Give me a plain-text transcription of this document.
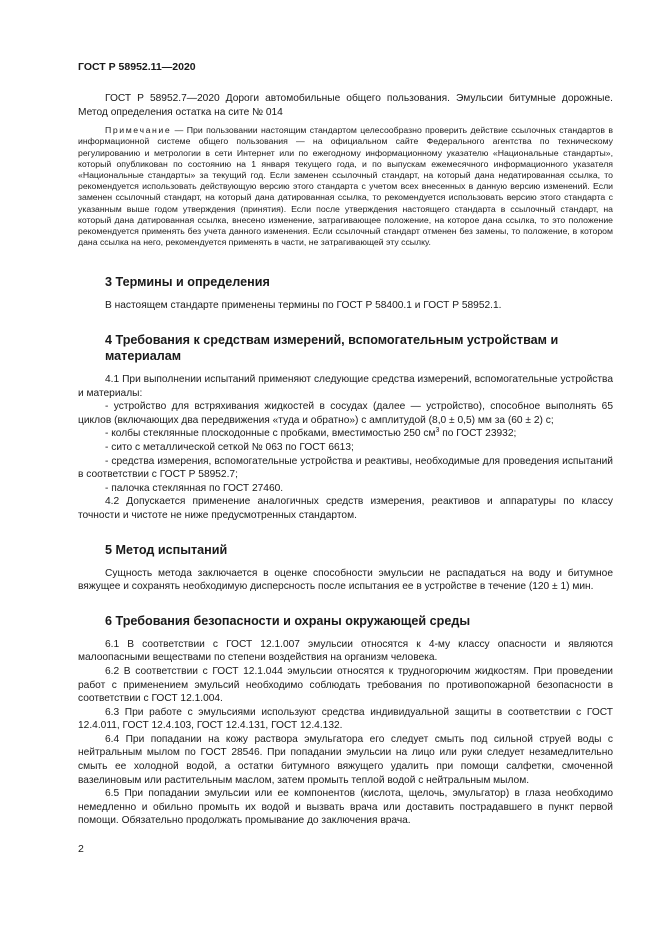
ГОСТ Р 58952.11—2020

ГОСТ Р 58952.7—2020 Дороги автомобильные общего пользования. Эмульсии битумные дорожные. Метод определения остатка на сите № 014

Примечание — При пользовании настоящим стандартом целесообразно проверить действие ссылочных стандартов в информационной системе общего пользования — на официальном сайте Федерального агентства по техническому регулированию и метрологии в сети Интернет или по ежегодному информационному указателю «Национальные стандарты», который опубликован по состоянию на 1 января текущего года, и по выпускам ежемесячного информационного указателя «Национальные стандарты» за текущий год. Если заменен ссылочный стандарт, на который дана недатированная ссылка, то рекомендуется использовать действующую версию этого стандарта с учетом всех внесенных в данную версию изменений. Если заменен ссылочный стандарт, на который дана датированная ссылка, то рекомендуется использовать версию этого стандарта с указанным выше годом утверждения (принятия). Если после утверждения настоящего стандарта в ссылочный стандарт, на который дана датированная ссылка, внесено изменение, затрагивающее положение, на которое дана ссылка, то это положение рекомендуется применять без учета данного изменения. Если ссылочный стандарт отменен без замены, то положение, в котором дана ссылка на него, рекомендуется применять в части, не затрагивающей эту ссылку.

3 Термины и определения

В настоящем стандарте применены термины по ГОСТ Р 58400.1 и ГОСТ Р 58952.1.

4 Требования к средствам измерений, вспомогательным устройствам и материалам

4.1 При выполнении испытаний применяют следующие средства измерений, вспомогательные устройства и материалы:

- устройство для встряхивания жидкостей в сосудах (далее — устройство), способное выполнять 65 циклов (включающих два передвижения «туда и обратно») с амплитудой (8,0 ± 0,5) мм за (60 ± 2) с;

- колбы стеклянные плоскодонные с пробками, вместимостью 250 $см^3$ по ГОСТ 23932;

- сито с металлической сеткой № 063 по ГОСТ 6613;

- средства измерения, вспомогательные устройства и реактивы, необходимые для проведения испытаний в соответствии с ГОСТ Р 58952.7;

- палочка стеклянная по ГОСТ 27460.

4.2 Допускается применение аналогичных средств измерения, реактивов и аппаратуры по классу точности и чистоте не ниже предусмотренных стандартом.

5 Метод испытаний

Сущность метода заключается в оценке способности эмульсии не распадаться на воду и битумное вяжущее и сохранять необходимую дисперсность после испытания ее в устройстве в течение (120 ± 1) мин.

6 Требования безопасности и охраны окружающей среды

6.1 В соответствии с ГОСТ 12.1.007 эмульсии относятся к 4-му классу опасности и являются малоопасными веществами по степени воздействия на организм человека.

6.2 В соответствии с ГОСТ 12.1.044 эмульсии относятся к трудногорючим жидкостям. При проведении работ с применением эмульсий необходимо соблюдать требования по противопожарной безопасности в соответствии с ГОСТ 12.1.004.

6.3 При работе с эмульсиями используют средства индивидуальной защиты в соответствии с ГОСТ 12.4.011, ГОСТ 12.4.103, ГОСТ 12.4.131, ГОСТ 12.4.132.

6.4 При попадании на кожу раствора эмульгатора его следует смыть под сильной струей воды с нейтральным мылом по ГОСТ 28546. При попадании эмульсии на лицо или руки следует незамедлительно смыть ее холодной водой, а остатки битумного вяжущего удалить при помощи салфетки, смоченной вазелиновым или растительным маслом, затем промыть теплой водой с нейтральным мылом.

6.5 При попадании эмульсии или ее компонентов (кислота, щелочь, эмульгатор) в глаза необходимо немедленно и обильно промыть их водой и вызвать врача или доставить пострадавшего в пункт первой помощи. Обязательно продолжать промывание до заключения врача.

2
